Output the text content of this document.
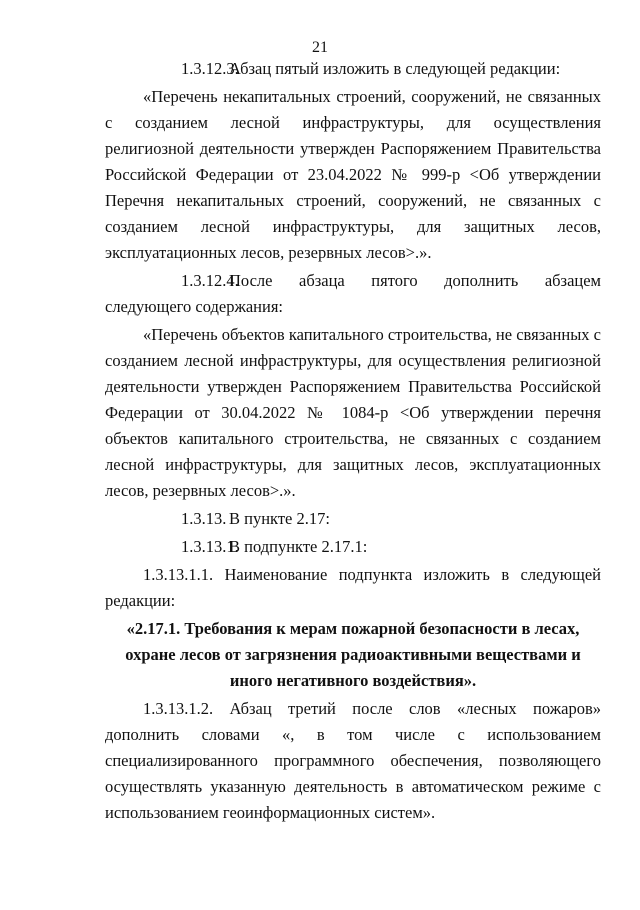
21

1.3.12.3.Абзац пятый изложить в следующей редакции:

«Перечень некапитальных строений, сооружений, не связанных с созданием лесной инфраструктуры, для осуществления религиозной деятельности утвержден Распоряжением Правительства Российской Федерации от 23.04.2022 № 999-р <Об утверждении Перечня некапитальных строений, сооружений, не связанных с созданием лесной инфраструктуры, для защитных лесов, эксплуатационных лесов, резервных лесов>.».

1.3.12.4.После абзаца пятого дополнить абзацем следующего содержания:

«Перечень объектов капитального строительства, не связанных с созданием лесной инфраструктуры, для осуществления религиозной деятельности утвержден Распоряжением Правительства Российской Федерации от 30.04.2022 № 1084-р <Об утверждении перечня объектов капитального строительства, не связанных с созданием лесной инфраструктуры, для защитных лесов, эксплуатационных лесов, резервных лесов>.».

1.3.13. В пункте 2.17:

1.3.13.1.В подпункте 2.17.1:

1.3.13.1.1. Наименование подпункта изложить в следующей редакции:

«2.17.1. Требования к мерам пожарной безопасности в лесах, охране лесов от загрязнения радиоактивными веществами и иного негативного воздействия».

1.3.13.1.2. Абзац третий после слов «лесных пожаров» дополнить словами «, в том числе с использованием специализированного программного обеспечения, позволяющего осуществлять указанную деятельность в автоматическом режиме с использованием геоинформационных систем».
